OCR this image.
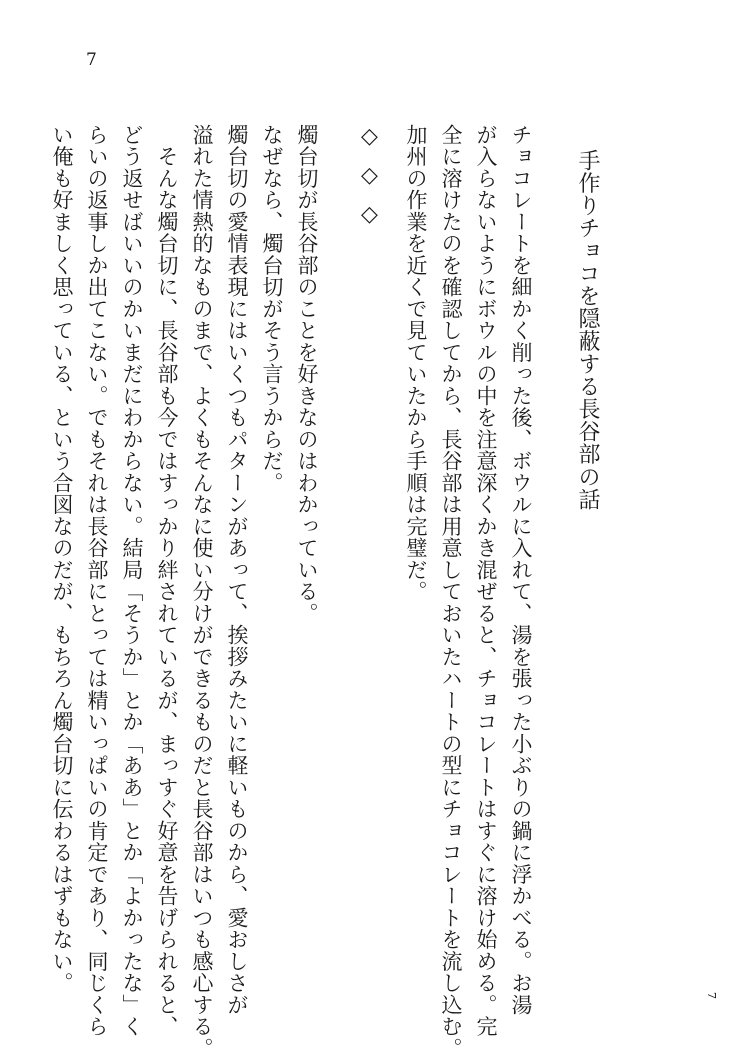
7
手作りチョコを隠蔽する長谷部の話
チョコレートを細かく削った後、ボウルに入れて、湯を張った小ぶりの鍋に浮かべる。お湯
が入らないようにボウルの中を注意深くかき混ぜると、チョコレートはすぐに溶け始める。完
全に溶けたのを確認してから、長谷部は用意しておいたハートの型にチョコレートを流し込む。
加州の作業を近くで見ていたから手順は完璧だ。
◇◇◇
燭台切が長谷部のことを好きなのはわかっている。
なぜなら、燭台切がそう言うからだ。
燭台切の愛情表現にはいくつもパターンがあって、挨拶みたいに軽いものから、愛おしさが
溢れた情熱的なものまで、よくもそんなに使い分けができるものだと長谷部はいつも感心する。
　そんな燭台切に、長谷部も今ではすっかり絆されているが、まっすぐ好意を告げられると、
どう返せばいいのかいまだにわからない。結局「そうか」とか「ああ」とか「よかったな」く
らいの返事しか出てこない。でもそれは長谷部にとっては精いっぱいの肯定であり、同じくら
い俺も好ましく思っている、という合図なのだが、もちろん燭台切に伝わるはずもない。
7
